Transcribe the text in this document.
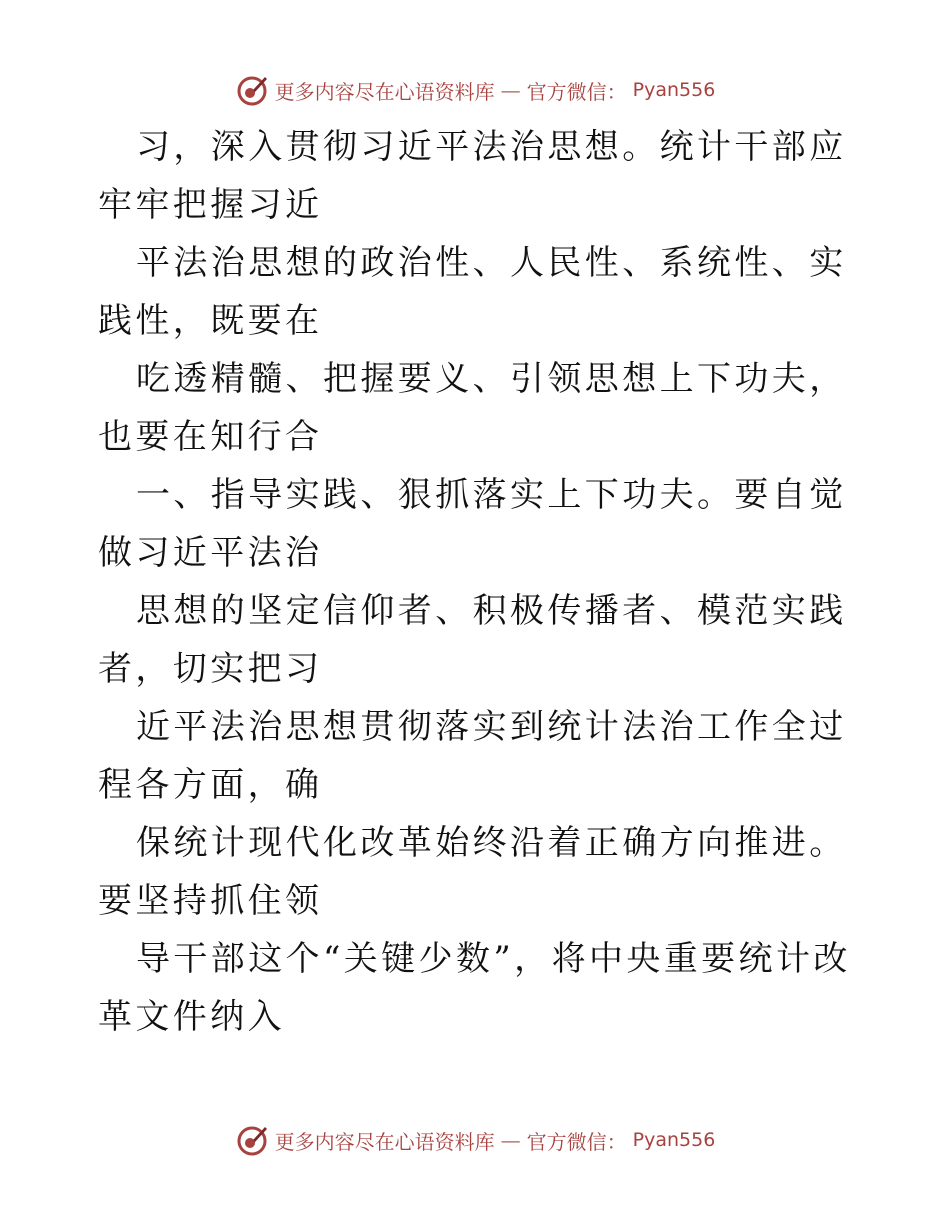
更多内容尽在心语资料库 — 官方微信： Pyan556

习，深入贯彻习近平法治思想。统计干部应牢牢把握习近

平法治思想的政治性、人民性、系统性、实践性，既要在

吃透精髓、把握要义、引领思想上下功夫，也要在知行合

一、指导实践、狠抓落实上下功夫。要自觉做习近平法治

思想的坚定信仰者、积极传播者、模范实践者，切实把习

近平法治思想贯彻落实到统计法治工作全过程各方面，确

保统计现代化改革始终沿着正确方向推进。要坚持抓住领

导干部这个“关键少数”，将中央重要统计改革文件纳入

更多内容尽在心语资料库 — 官方微信： Pyan556
